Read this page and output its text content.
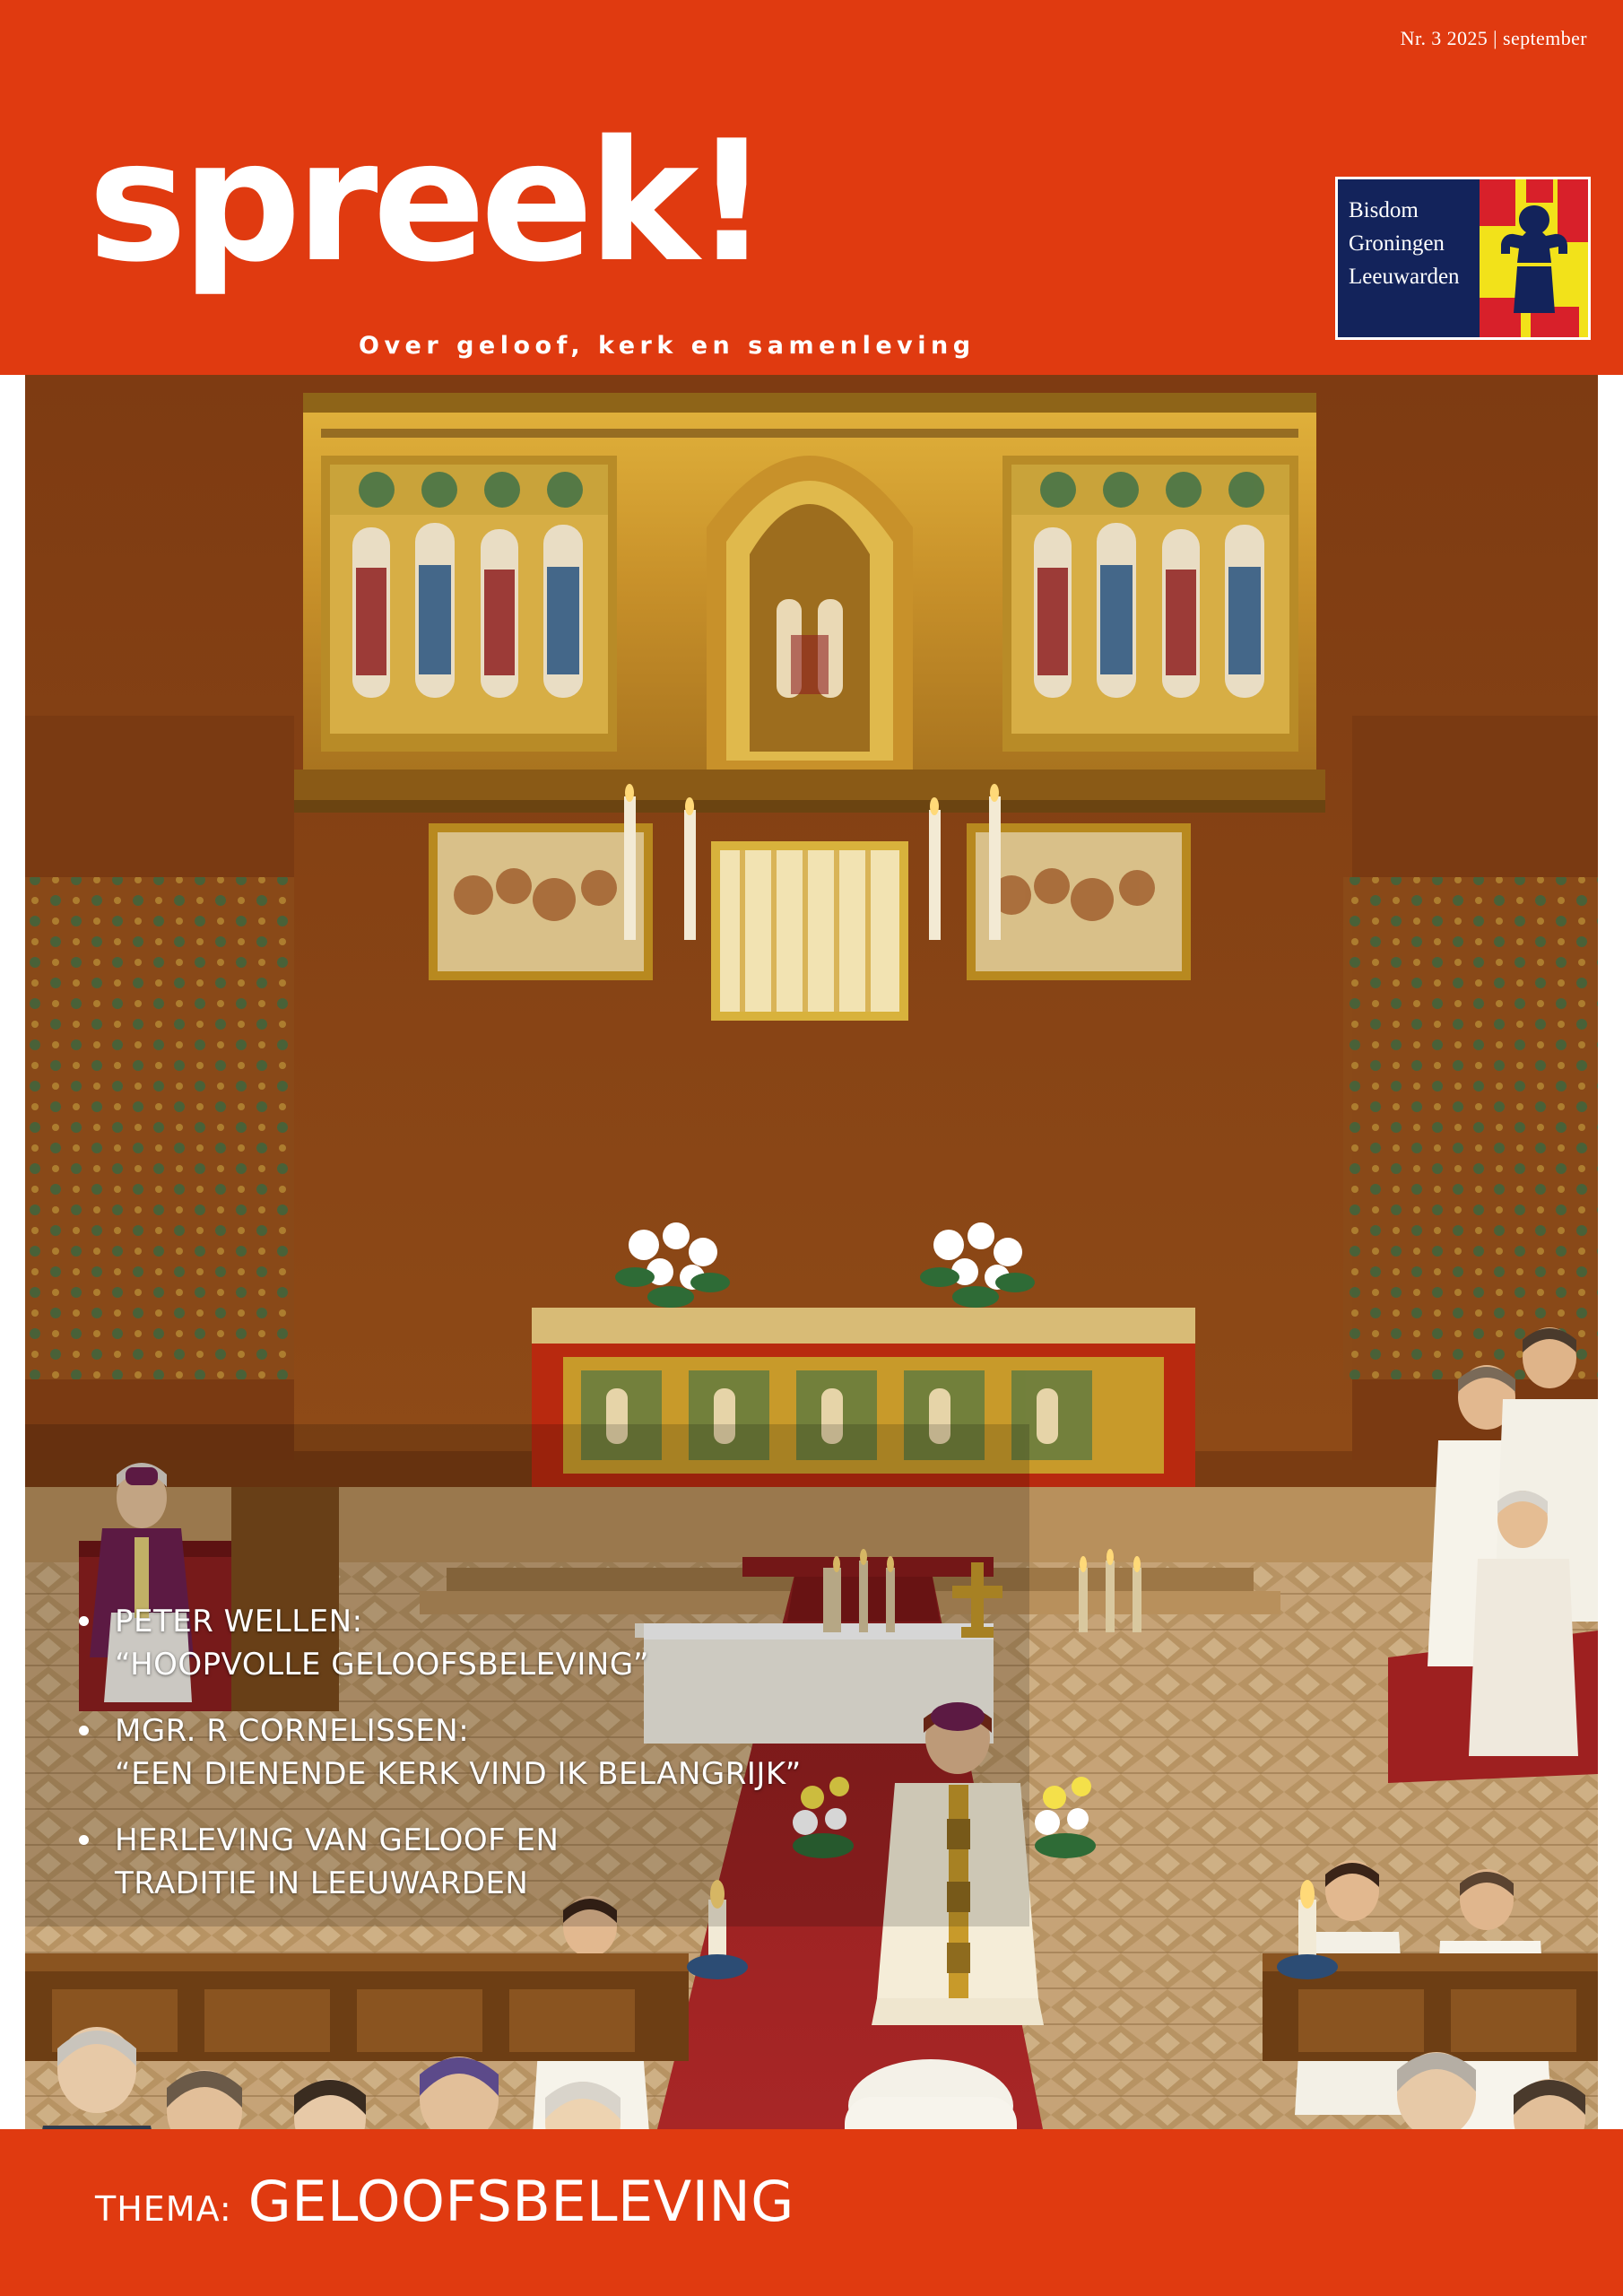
Nr. 3 2025 | september
spreek!
Over geloof, kerk en samenleving
Bisdom
Groningen
Leeuwarden
PETER WELLEN:
“HOOPVOLLE GELOOFSBELEVING”
MGR. R CORNELISSEN:
“EEN DIENENDE KERK VIND IK BELANGRIJK”
HERLEVING VAN GELOOF EN
TRADITIE IN LEEUWARDEN
THEMA: GELOOFSBELEVING
